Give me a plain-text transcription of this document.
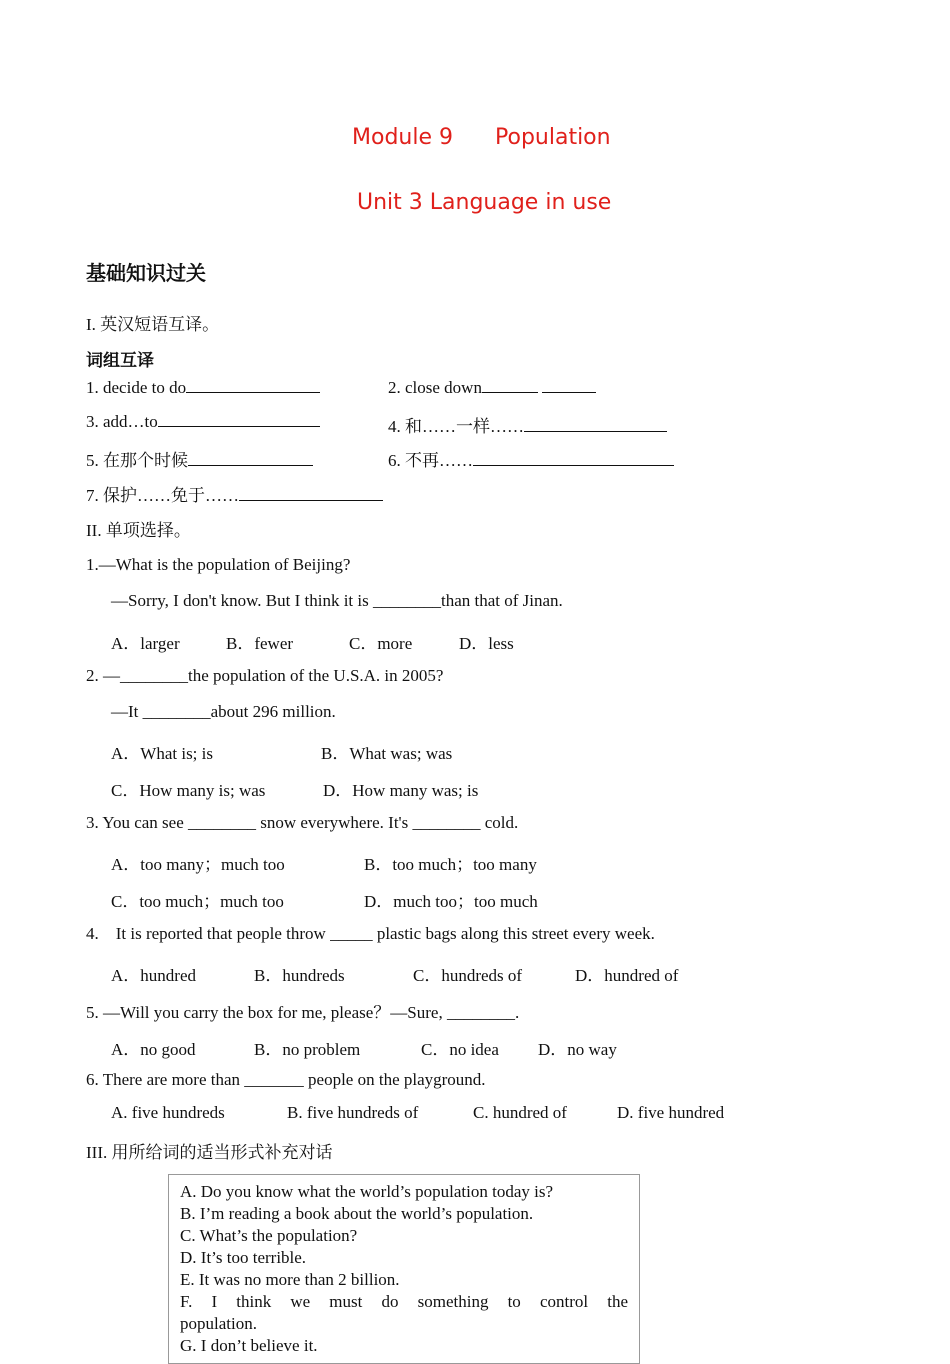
Module 9 Population
Unit 3 Language in use
基础知识过关
I. 英汉短语互译。
词组互译
1. decide to do	2. close down
3. add…to	4. 和……一样……
5. 在那个时候	6. 不再……
7. 保护……免于……
II. 单项选择。
1.—What is the population of Beijing?
—Sorry, I don't know. But I think it is ________than that of Jinan.
A．larger	B．fewer	C．more	D．less
2. —________the population of the U.S.A. in 2005?
—It ________about 296 million.
A．What is; is	B．What was; was
C．How many is; was	D．How many was; is
3. You can see ________ snow everywhere. It's ________ cold.
A．too many；much too	B．too much；too many
C．too much；much too	D．much too；too much
4.    It is reported that people throw _____ plastic bags along this street every week.
A．hundred	B．hundreds	C．hundreds of	D．hundred of
5. —Will you carry the box for me, please？—Sure, ________.
A．no good	B．no problem	C．no idea D．no way
6. There are more than _______ people on the playground.
A. five hundreds	B. five hundreds of	C. hundred of	D. five hundred
III. 用所给词的适当形式补充对话
A. Do you know what the world’s population today is?
B. I’m reading a book about the world’s population.
C. What’s the population?
D. It’s too terrible.
E. It was no more than 2 billion.
F. I think we must do something to control the
population.
G. I don’t believe it.
